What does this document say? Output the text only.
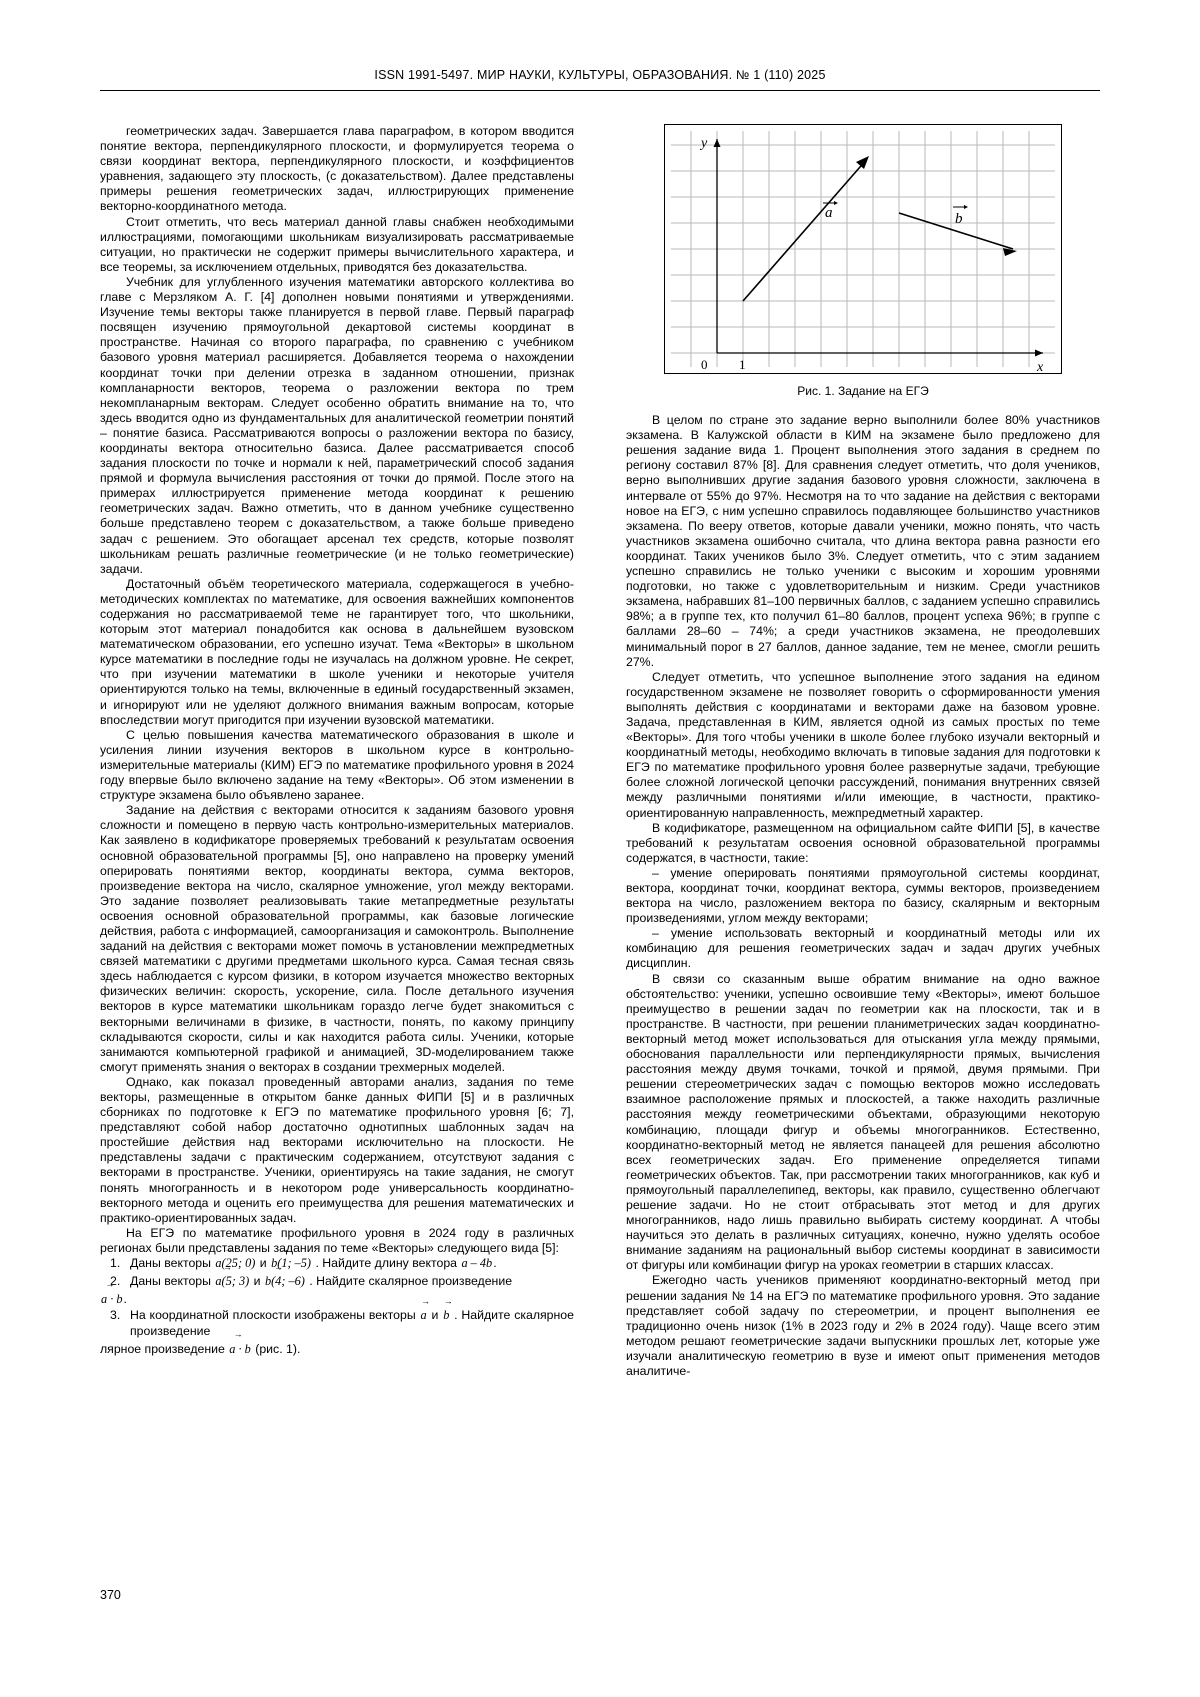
ISSN 1991-5497. МИР НАУКИ, КУЛЬТУРЫ, ОБРАЗОВАНИЯ. № 1 (110) 2025

геометрических задач. Завершается глава параграфом, в котором вводится понятие вектора, перпендикулярного плоскости, и формулируется теорема о связи координат вектора, перпендикулярного плоскости, и коэффициентов уравнения, задающего эту плоскость, (с доказательством). Далее представлены примеры решения геометрических задач, иллюстрирующих применение векторно-координатного метода.

Стоит отметить, что весь материал данной главы снабжен необходимыми иллюстрациями, помогающими школьникам визуализировать рассматриваемые ситуации, но практически не содержит примеры вычислительного характера, и все теоремы, за исключением отдельных, приводятся без доказательства.

Учебник для углубленного изучения математики авторского коллектива во главе с Мерзляком А. Г. [4] дополнен новыми понятиями и утверждениями. Изучение темы векторы также планируется в первой главе. Первый параграф посвящен изучению прямоугольной декартовой системы координат в пространстве. Начиная со второго параграфа, по сравнению с учебником базового уровня материал расширяется. Добавляется теорема о нахождении координат точки при делении отрезка в заданном отношении, признак компланарности векторов, теорема о разложении вектора по трем некомпланарным векторам. Следует особенно обратить внимание на то, что здесь вводится одно из фундаментальных для аналитической геометрии понятий – понятие базиса. Рассматриваются вопросы о разложении вектора по базису, координаты вектора относительно базиса. Далее рассматривается способ задания плоскости по точке и нормали к ней, параметрический способ задания прямой и формула вычисления расстояния от точки до прямой. После этого на примерах иллюстрируется применение метода координат к решению геометрических задач. Важно отметить, что в данном учебнике существенно больше представлено теорем с доказательством, а также больше приведено задач с решением. Это обогащает арсенал тех средств, которые позволят школьникам решать различные геометрические (и не только геометрические) задачи.

Достаточный объём теоретического материала, содержащегося в учебно-методических комплектах по математике, для освоения важнейших компонентов содержания но рассматриваемой теме не гарантирует того, что школьники, которым этот материал понадобится как основа в дальнейшем вузовском математическом образовании, его успешно изучат. Тема «Векторы» в школьном курсе математики в последние годы не изучалась на должном уровне. Не секрет, что при изучении математики в школе ученики и некоторые учителя ориентируются только на темы, включенные в единый государственный экзамен, и игнорируют или не уделяют должного внимания важным вопросам, которые впоследствии могут пригодится при изучении вузовской математики.

С целью повышения качества математического образования в школе и усиления линии изучения векторов в школьном курсе в контрольно-измерительные материалы (КИМ) ЕГЭ по математике профильного уровня в 2024 году впервые было включено задание на тему «Векторы». Об этом изменении в структуре экзамена было объявлено заранее.

Задание на действия с векторами относится к заданиям базового уровня сложности и помещено в первую часть контрольно-измерительных материалов. Как заявлено в кодификаторе проверяемых требований к результатам освоения основной образовательной программы [5], оно направлено на проверку умений оперировать понятиями вектор, координаты вектора, сумма векторов, произведение вектора на число, скалярное умножение, угол между векторами. Это задание позволяет реализовывать такие метапредметные результаты освоения основной образовательной программы, как базовые логические действия, работа с информацией, самоорганизация и самоконтроль. Выполнение заданий на действия с векторами может помочь в установлении межпредметных связей математики с другими предметами школьного курса. Самая тесная связь здесь наблюдается с курсом физики, в котором изучается множество векторных физических величин: скорость, ускорение, сила. После детального изучения векторов в курсе математики школьникам гораздо легче будет знакомиться с векторными величинами в физике, в частности, понять, по какому принципу складываются скорости, силы и как находится работа силы. Ученики, которые занимаются компьютерной графикой и анимацией, 3D-моделированием также смогут применять знания о векторах в создании трехмерных моделей.

Однако, как показал проведенный авторами анализ, задания по теме векторы, размещенные в открытом банке данных ФИПИ [5] и в различных сборниках по подготовке к ЕГЭ по математике профильного уровня [6; 7], представляют собой набор достаточно однотипных шаблонных задач на простейшие действия над векторами исключительно на плоскости. Не представлены задачи с практическим содержанием, отсутствуют задания с векторами в пространстве. Ученики, ориентируясь на такие задания, не смогут понять многогранность и в некотором роде универсальность координатно-векторного метода и оценить его преимущества для решения математических и практико-ориентированных задач.

На ЕГЭ по математике профильного уровня в 2024 году в различных регионах были представлены задания по теме «Векторы» следующего вида [5]:

1. Даны векторы a(25; 0) → и b(1; –5) → . Найдите длину вектора a – 4b →.
2. Даны векторы a(5; 3) → и b(4; –6) → . Найдите скалярное произведение
a · b →.
3. На координатной плоскости изображены векторы a → и b → . Найдите скалярное произведение
лярное произведение a · b → (рис. 1).
a	b
y
x
0 1
Рис. 1. Задание на ЕГЭ

В целом по стране это задание верно выполнили более 80% участников экзамена. В Калужской области в КИМ на экзамене было предложено для решения задание вида 1. Процент выполнения этого задания в среднем по региону составил 87% [8]. Для сравнения следует отметить, что доля учеников, верно выполнивших другие задания базового уровня сложности, заключена в интервале от 55% до 97%. Несмотря на то что задание на действия с векторами новое на ЕГЭ, с ним успешно справилось подавляющее большинство участников экзамена. По вееру ответов, которые давали ученики, можно понять, что часть участников экзамена ошибочно считала, что длина вектора равна разности его координат. Таких учеников было 3%. Следует отметить, что с этим заданием успешно справились не только ученики с высоким и хорошим уровнями подготовки, но также с удовлетворительным и низким. Среди участников экзамена, набравших 81–100 первичных баллов, с заданием успешно справились 98%; а в группе тех, кто получил 61–80 баллов, процент успеха 96%; в группе с баллами 28–60 – 74%; а среди участников экзамена, не преодолевших минимальный порог в 27 баллов, данное задание, тем не менее, смогли решить 27%.

Следует отметить, что успешное выполнение этого задания на едином государственном экзамене не позволяет говорить о сформированности умения выполнять действия с координатами и векторами даже на базовом уровне. Задача, представленная в КИМ, является одной из самых простых по теме «Векторы». Для того чтобы ученики в школе более глубоко изучали векторный и координатный методы, необходимо включать в типовые задания для подготовки к ЕГЭ по математике профильного уровня более развернутые задачи, требующие более сложной логической цепочки рассуждений, понимания внутренних связей между различными понятиями и/или имеющие, в частности, практико-ориентированную направленность, межпредметный характер.

В кодификаторе, размещенном на официальном сайте ФИПИ [5], в качестве требований к результатам освоения основной образовательной программы содержатся, в частности, такие:

– умение оперировать понятиями прямоугольной системы координат, вектора, координат точки, координат вектора, суммы векторов, произведением вектора на число, разложением вектора по базису, скалярным и векторным произведениями, углом между векторами;

– умение использовать векторный и координатный методы или их комбинацию для решения геометрических задач и задач других учебных дисциплин.

В связи со сказанным выше обратим внимание на одно важное обстоятельство: ученики, успешно освоившие тему «Векторы», имеют большое преимущество в решении задач по геометрии как на плоскости, так и в пространстве. В частности, при решении планиметрических задач координатно-векторный метод может использоваться для отыскания угла между прямыми, обоснования параллельности или перпендикулярности прямых, вычисления расстояния между двумя точками, точкой и прямой, двумя прямыми. При решении стереометрических задач с помощью векторов можно исследовать взаимное расположение прямых и плоскостей, а также находить различные расстояния между геометрическими объектами, образующими некоторую комбинацию, площади фигур и объемы многогранников. Естественно, координатно-векторный метод не является панацеей для решения абсолютно всех геометрических задач. Его применение определяется типами геометрических объектов. Так, при рассмотрении таких многогранников, как куб и прямоугольный параллелепипед, векторы, как правило, существенно облегчают решение задачи. Но не стоит отбрасывать этот метод и для других многогранников, надо лишь правильно выбирать систему координат. А чтобы научиться это делать в различных ситуациях, конечно, нужно уделять особое внимание заданиям на рациональный выбор системы координат в зависимости от фигуры или комбинации фигур на уроках геометрии в старших классах.

Ежегодно часть учеников применяют координатно-векторный метод при решении задания № 14 на ЕГЭ по математике профильного уровня. Это задание представляет собой задачу по стереометрии, и процент выполнения ее традиционно очень низок (1% в 2023 году и 2% в 2024 году). Чаще всего этим методом решают геометрические задачи выпускники прошлых лет, которые уже изучали аналитическую геометрию в вузе и имеют опыт применения методов аналитиче-

370
